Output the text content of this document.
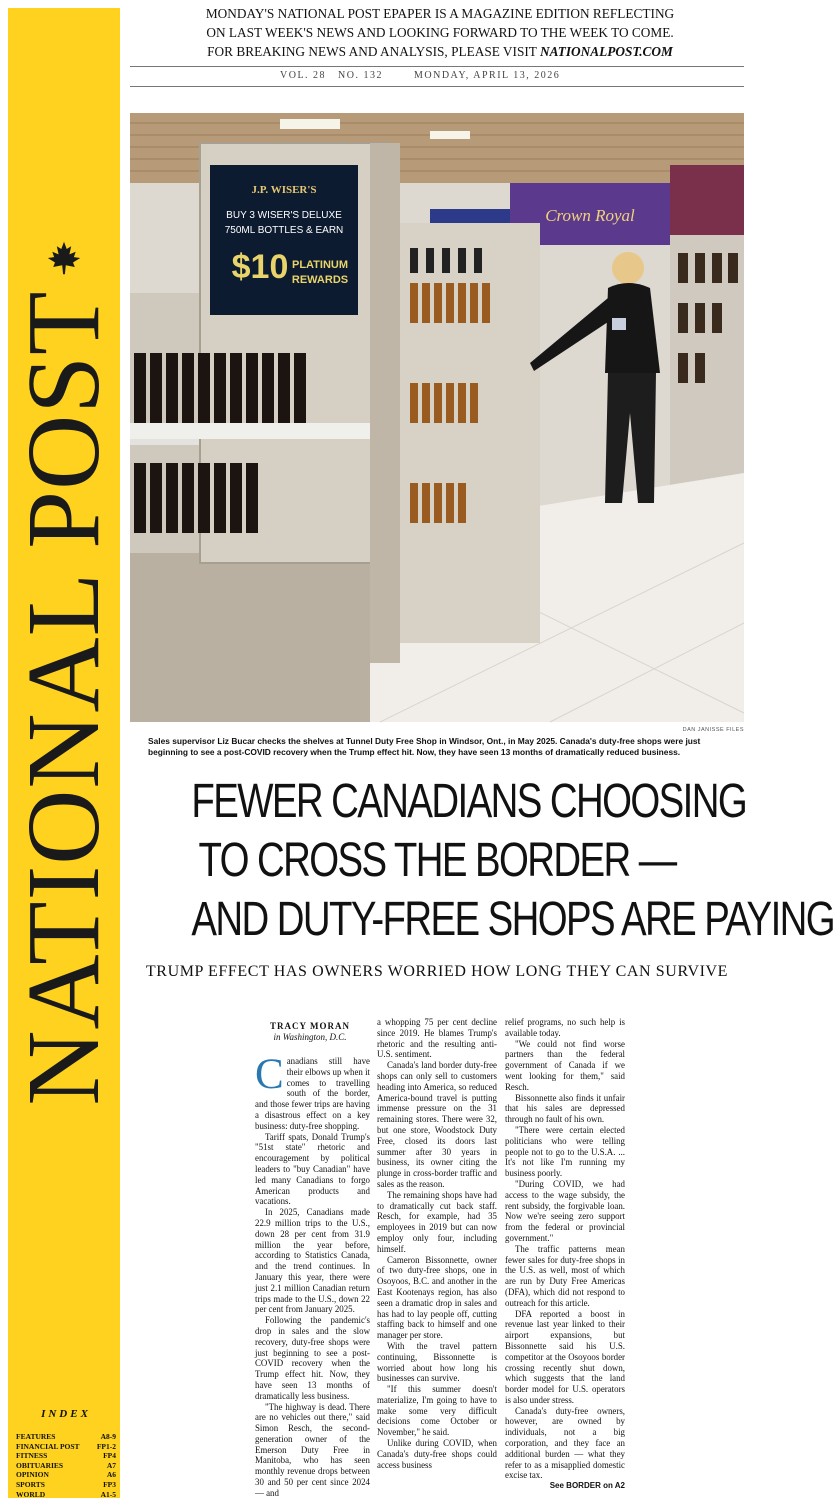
NATIONAL POST
INDEX
FEATURES	A8-9
FINANCIAL POST FP1-2
FITNESS	FP4
OBITUARIES	A7
OPINION	A6
SPORTS	FP3
WORLD	A1-5
MONDAY'S NATIONAL POST EPAPER IS A MAGAZINE EDITION REFLECTING
ON LAST WEEK'S NEWS AND LOOKING FORWARD TO THE WEEK TO COME.
FOR BREAKING NEWS AND ANALYSIS, PLEASE VISIT NATIONALPOST.COM
VOL. 28 NO. 132	MONDAY, APRIL 13, 2026
Crown Royal
J.P. WISER'S
BUY 3 WISER'S DELUXE
750ML BOTTLES & EARN
$10 PLATINUM
REWARDS
DAN JANISSE FILES
Sales supervisor Liz Bucar checks the shelves at Tunnel Duty Free Shop in Windsor, Ont., in May 2025. Canada's duty-free shops were just beginning to see a post-COVID recovery when the Trump effect hit. Now, they have seen 13 months of dramatically reduced business.
FEWER CANADIANS CHOOSING
TO CROSS THE BORDER —
AND DUTY-FREE SHOPS ARE PAYING
TRUMP EFFECT HAS OWNERS WORRIED HOW LONG THEY CAN SURVIVE
TRACY MORAN
in Washington, D.C.

Canadians still have their elbows up when it comes to travelling south of the border, and those fewer trips are having a disastrous effect on a key business: duty-free shopping.

Tariff spats, Donald Trump's "51st state" rhetoric and encouragement by political leaders to "buy Canadian" have led many Canadians to forgo American products and vacations.

In 2025, Canadians made 22.9 million trips to the U.S., down 28 per cent from 31.9 million the year before, according to Statistics Canada, and the trend continues. In January this year, there were just 2.1 million Canadian return trips made to the U.S., down 22 per cent from January 2025.

Following the pandemic's drop in sales and the slow recovery, duty-free shops were just beginning to see a post-COVID recovery when the Trump effect hit. Now, they have seen 13 months of dramatically less business.

"The highway is dead. There are no vehicles out there," said Simon Resch, the second-generation owner of the Emerson Duty Free in Manitoba, who has seen monthly revenue drops between 30 and 50 per cent since 2024 — and

a whopping 75 per cent decline since 2019. He blames Trump's rhetoric and the resulting anti-U.S. sentiment.

Canada's land border duty-free shops can only sell to customers heading into America, so reduced America-bound travel is putting immense pressure on the 31 remaining stores. There were 32, but one store, Woodstock Duty Free, closed its doors last summer after 30 years in business, its owner citing the plunge in cross-border traffic and sales as the reason.

The remaining shops have had to dramatically cut back staff. Resch, for example, had 35 employees in 2019 but can now employ only four, including himself.

Cameron Bissonnette, owner of two duty-free shops, one in Osoyoos, B.C. and another in the East Kootenays region, has also seen a dramatic drop in sales and has had to lay people off, cutting staffing back to himself and one manager per store.

With the travel pattern continuing, Bissonnette is worried about how long his businesses can survive.

"If this summer doesn't materialize, I'm going to have to make some very difficult decisions come October or November," he said.

Unlike during COVID, when Canada's duty-free shops could access business

relief programs, no such help is available today.

"We could not find worse partners than the federal government of Canada if we went looking for them," said Resch.

Bissonnette also finds it unfair that his sales are depressed through no fault of his own.

"There were certain elected politicians who were telling people not to go to the U.S.A. ... It's not like I'm running my business poorly.

"During COVID, we had access to the wage subsidy, the rent subsidy, the forgivable loan. Now we're seeing zero support from the federal or provincial government."

The traffic patterns mean fewer sales for duty-free shops in the U.S. as well, most of which are run by Duty Free Americas (DFA), which did not respond to outreach for this article.

DFA reported a boost in revenue last year linked to their airport expansions, but Bissonnette said his U.S. competitor at the Osoyoos border crossing recently shut down, which suggests that the land border model for U.S. operators is also under stress.

Canada's duty-free owners, however, are owned by individuals, not a big corporation, and they face an additional burden — what they refer to as a misapplied domestic excise tax.

See BORDER on A2
